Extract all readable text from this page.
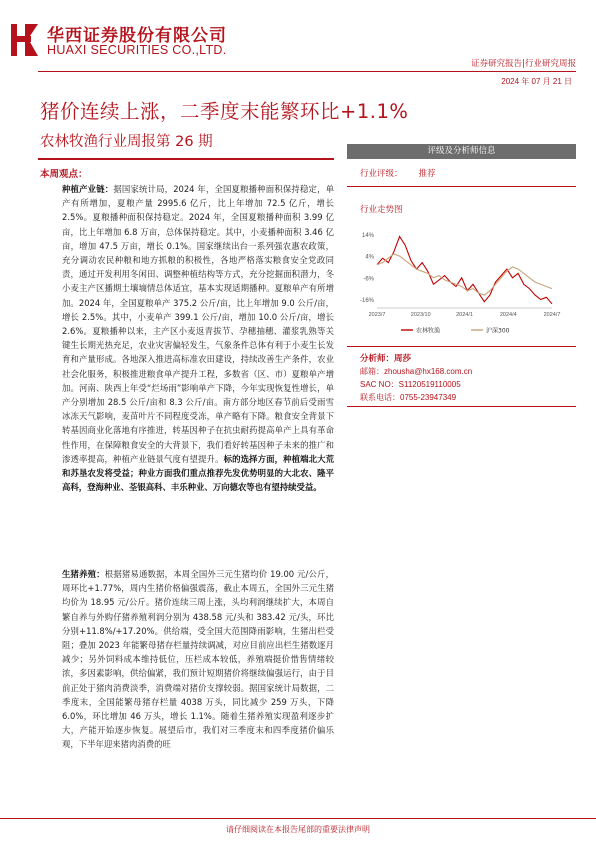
华西证券股份有限公司
HUAXI SECURITIES CO.,LTD.
证券研究报告|行业研究周报
2024 年 07 月 21 日
猪价连续上涨，二季度末能繁环比+1.1%
农林牧渔行业周报第 26 期
评级及分析师信息
本周观点：
种植产业链：据国家统计局，2024 年，全国夏粮播种面积保持稳定，单产有所增加，夏粮产量 2995.6 亿斤，比上年增加 72.5 亿斤，增长 2.5%。夏粮播种面积保持稳定。2024 年，全国夏粮播种面积 3.99 亿亩，比上年增加 6.8 万亩，总体保持稳定。其中，小麦播种面积 3.46 亿亩，增加 47.5 万亩，增长 0.1%。国家继续出台一系列强农惠农政策，充分调动农民种粮和地方抓粮的积极性，各地严格落实粮食安全党政同责，通过开发利用冬闲田、调整种植结构等方式，充分挖掘面积潜力，冬小麦主产区播期土壤墒情总体适宜，基本实现适期播种。夏粮单产有所增加。2024 年，全国夏粮单产 375.2 公斤/亩，比上年增加 9.0 公斤/亩，增长 2.5%。其中，小麦单产 399.1 公斤/亩，增加 10.0 公斤/亩，增长 2.6%。夏粮播种以来，主产区小麦返青拔节、孕穗抽穗、灌浆乳熟等关键生长期光热充足，农业灾害偏轻发生，气象条件总体有利于小麦生长发育和产量形成。各地深入推进高标准农田建设，持续改善生产条件，农业社会化服务，积极推进粮食单产提升工程，多数省（区、市）夏粮单产增加。河南、陕西上年受“烂场雨”影响单产下降，今年实现恢复性增长，单产分别增加 28.5 公斤/亩和 8.3 公斤/亩。南方部分地区春节前后受雨雪冰冻天气影响，麦苗叶片不同程度受冻，单产略有下降。粮食安全背景下转基因商业化落地有序推进，转基因种子在抗虫耐药提高单产上具有革命性作用，在保障粮食安全的大背景下，我们看好转基因种子未来的推广和渗透率提高，种植产业链景气度有望提升。标的选择方面，种植端北大荒和苏垦农发将受益；种业方面我们重点推荐先发优势明显的大北农、隆平高科，登海种业、荃银高科、丰乐种业、万向德农等也有望持续受益。
生猪养殖：根据猪易通数据，本周全国外三元生猪均价 19.00 元/公斤，周环比+1.77%，周内生猪价格偏强震荡，截止本周五，全国外三元生猪均价为 18.95 元/公斤。猪价连续三周上涨，头均利润继续扩大，本周自繁自养与外购仔猪养殖利润分别为 438.58 元/头和 383.42 元/头，环比分别+11.8%/+17.20%。供给端，受全国大范围降雨影响，生猪出栏受阻；叠加 2023 年能繁母猪存栏量持续调减，对应目前应出栏生猪数逐月减少；另外饲料成本维持低位，压栏成本较低，养殖端挺价惜售情绪较浓，多因素影响，供给偏紧，我们预计短期猪价将继续偏强运行，由于目前正处于猪肉消费淡季，消费端对猪价支撑较弱。据国家统计局数据，二季度末，全国能繁母猪存栏量 4038 万头，同比减少 259 万头，下降 6.0%，环比增加 46 万头，增长 1.1%。随着生猪养殖实现盈利逐步扩大，产能开始逐步恢复。展望后市，我们对三季度末和四季度猪价偏乐观，下半年迎来猪肉消费的旺
行业评级： 推荐
行业走势图
14%
4%
-6%
-16%
2023/7	2023/10	2024/1	2024/4	2024/7
农林牧渔	沪深300
分析师：周莎
邮箱：zhousha@hx168.com.cn
SAC NO：S1120519110005
联系电话：0755-23947349
请仔细阅读在本报告尾部的重要法律声明
